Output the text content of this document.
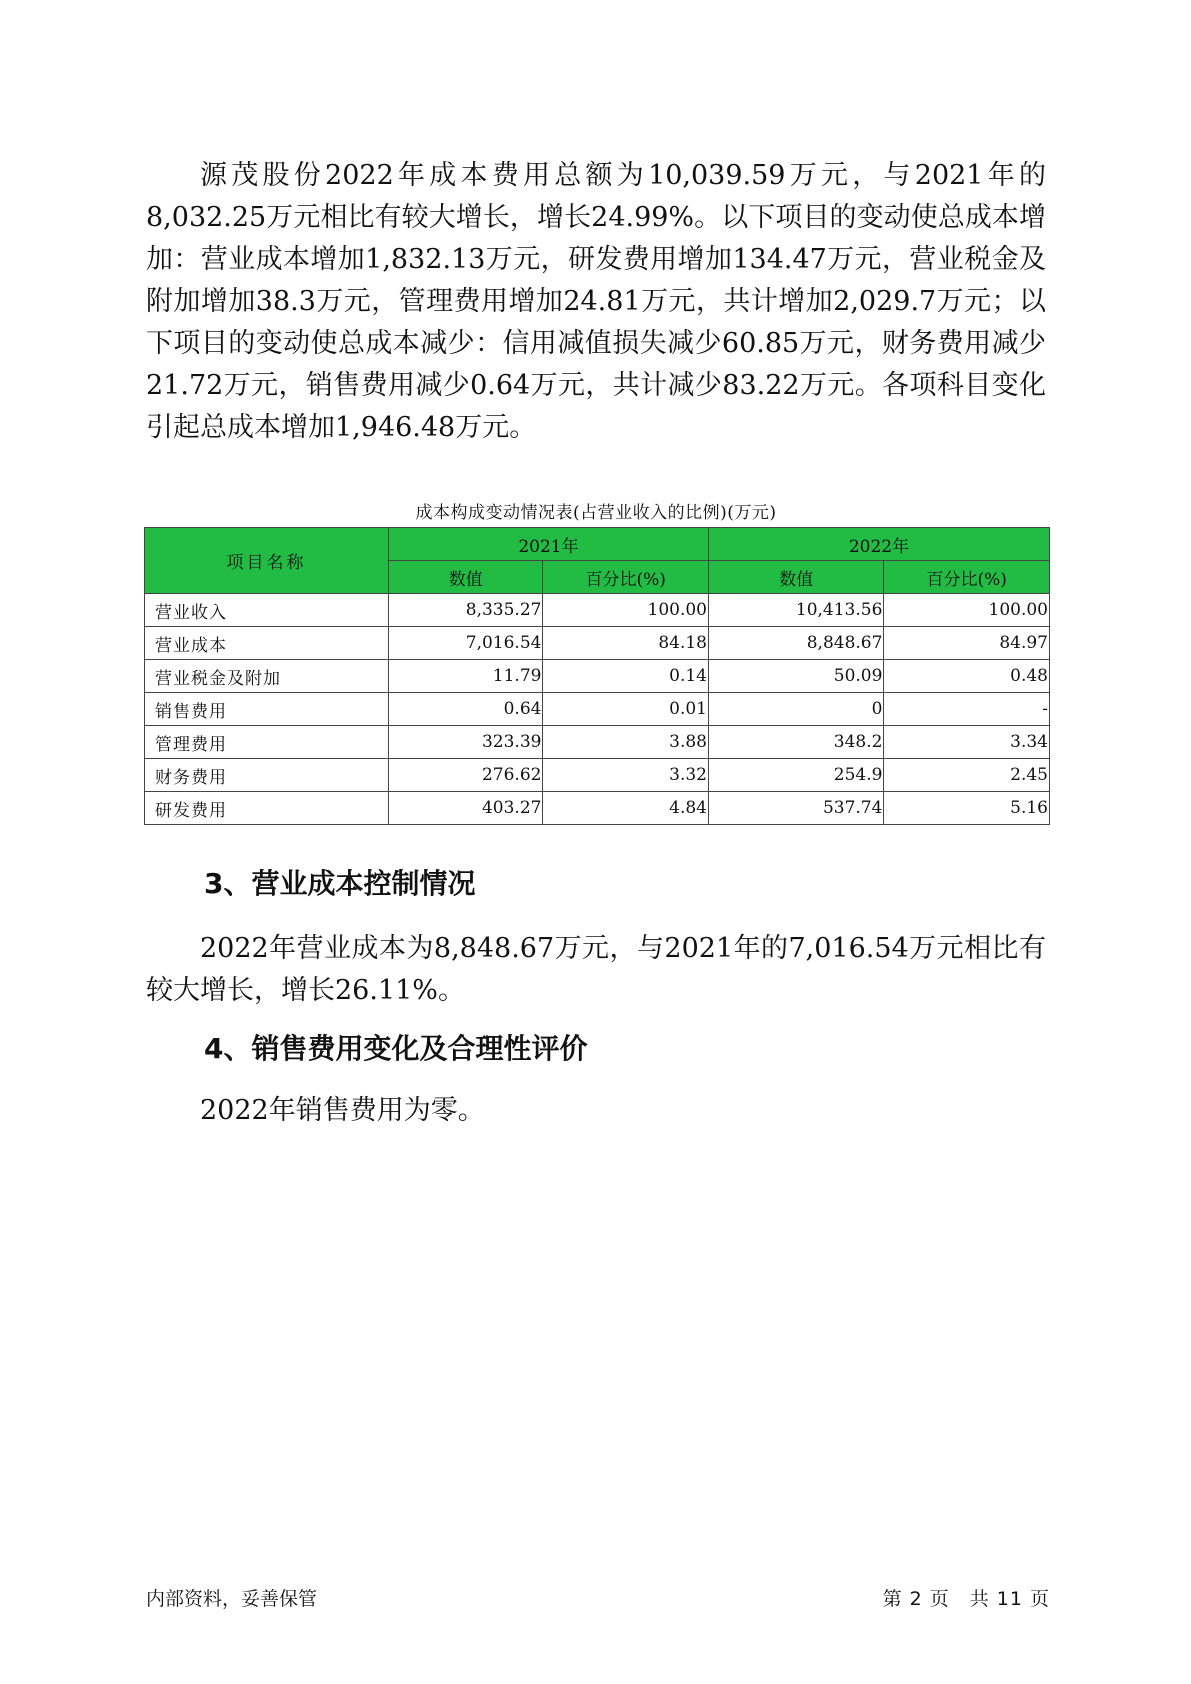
源茂股份2022年成本费用总额为10,039.59万元，与2021年的8,032.25万元相比有较大增长，增长24.99%。以下项目的变动使总成本增加：营业成本增加1,832.13万元，研发费用增加134.47万元，营业税金及附加增加38.3万元，管理费用增加24.81万元，共计增加2,029.7万元；以下项目的变动使总成本减少：信用减值损失减少60.85万元，财务费用减少21.72万元，销售费用减少0.64万元，共计减少83.22万元。各项科目变化引起总成本增加1,946.48万元。

成本构成变动情况表(占营业收入的比例)(万元)
项目名称	2021年		2022年	
	数值	百分比(%)	数值	百分比(%)
营业收入	8,335.27	100.00	10,413.56	100.00
营业成本	7,016.54	84.18	8,848.67	84.97
营业税金及附加	11.79	0.14	50.09	0.48
销售费用	0.64	0.01	0	-
管理费用	323.39	3.88	348.2	3.34
财务费用	276.62	3.32	254.9	2.45
研发费用	403.27	4.84	537.74	5.16
3、营业成本控制情况

2022年营业成本为8,848.67万元，与2021年的7,016.54万元相比有较大增长，增长26.11%。

4、销售费用变化及合理性评价

2022年销售费用为零。

内部资料，妥善保管	第 2 页　共 11 页
